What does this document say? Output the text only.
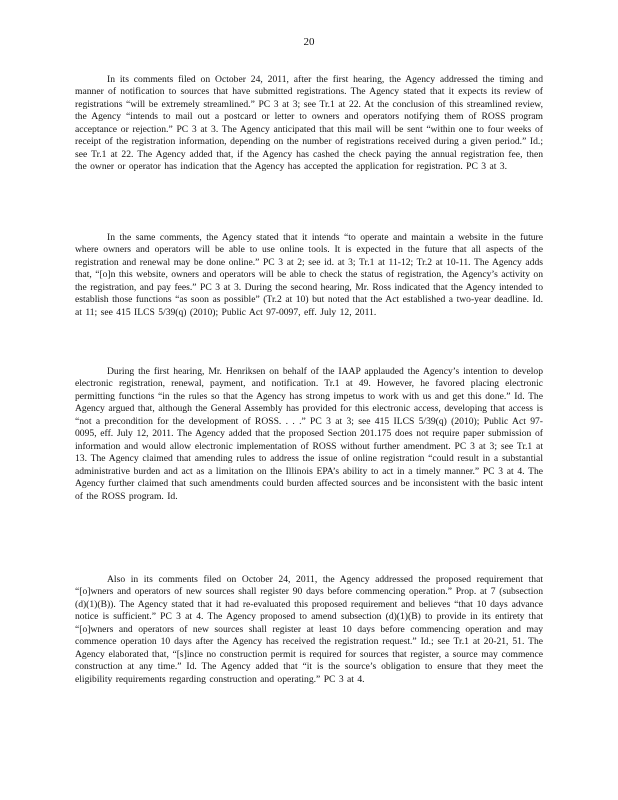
20

In its comments filed on October 24, 2011, after the first hearing, the Agency addressed the timing and manner of notification to sources that have submitted registrations. The Agency stated that it expects its review of registrations “will be extremely streamlined.” PC 3 at 3; see Tr.1 at 22. At the conclusion of this streamlined review, the Agency “intends to mail out a postcard or letter to owners and operators notifying them of ROSS program acceptance or rejection.” PC 3 at 3. The Agency anticipated that this mail will be sent “within one to four weeks of receipt of the registration information, depending on the number of registrations received during a given period.” Id.; see Tr.1 at 22. The Agency added that, if the Agency has cashed the check paying the annual registration fee, then the owner or operator has indication that the Agency has accepted the application for registration. PC 3 at 3.

In the same comments, the Agency stated that it intends “to operate and maintain a website in the future where owners and operators will be able to use online tools. It is expected in the future that all aspects of the registration and renewal may be done online.” PC 3 at 2; see id. at 3; Tr.1 at 11-12; Tr.2 at 10-11. The Agency adds that, “[o]n this website, owners and operators will be able to check the status of registration, the Agency’s activity on the registration, and pay fees.” PC 3 at 3. During the second hearing, Mr. Ross indicated that the Agency intended to establish those functions “as soon as possible” (Tr.2 at 10) but noted that the Act established a two-year deadline. Id. at 11; see 415 ILCS 5/39(q) (2010); Public Act 97-0097, eff. July 12, 2011.

During the first hearing, Mr. Henriksen on behalf of the IAAP applauded the Agency’s intention to develop electronic registration, renewal, payment, and notification. Tr.1 at 49. However, he favored placing electronic permitting functions “in the rules so that the Agency has strong impetus to work with us and get this done.” Id. The Agency argued that, although the General Assembly has provided for this electronic access, developing that access is “not a precondition for the development of ROSS. . . .” PC 3 at 3; see 415 ILCS 5/39(q) (2010); Public Act 97-0095, eff. July 12, 2011. The Agency added that the proposed Section 201.175 does not require paper submission of information and would allow electronic implementation of ROSS without further amendment. PC 3 at 3; see Tr.1 at 13. The Agency claimed that amending rules to address the issue of online registration “could result in a substantial administrative burden and act as a limitation on the Illinois EPA’s ability to act in a timely manner.” PC 3 at 4. The Agency further claimed that such amendments could burden affected sources and be inconsistent with the basic intent of the ROSS program. Id.

Also in its comments filed on October 24, 2011, the Agency addressed the proposed requirement that “[o]wners and operators of new sources shall register 90 days before commencing operation.” Prop. at 7 (subsection (d)(1)(B)). The Agency stated that it had re-evaluated this proposed requirement and believes “that 10 days advance notice is sufficient.” PC 3 at 4. The Agency proposed to amend subsection (d)(1)(B) to provide in its entirety that “[o]wners and operators of new sources shall register at least 10 days before commencing operation and may commence operation 10 days after the Agency has received the registration request.” Id.; see Tr.1 at 20-21, 51. The Agency elaborated that, “[s]ince no construction permit is required for sources that register, a source may commence construction at any time.” Id. The Agency added that “it is the source’s obligation to ensure that they meet the eligibility requirements regarding construction and operating.” PC 3 at 4.
